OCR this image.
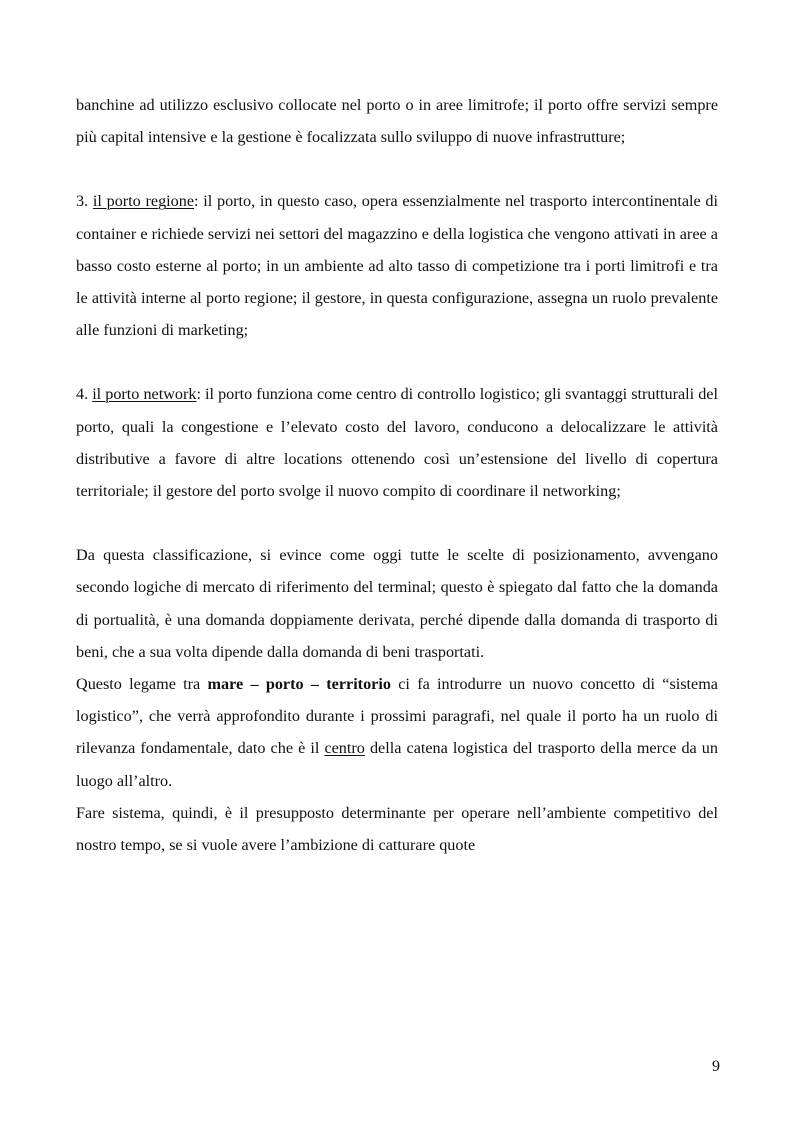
banchine ad utilizzo esclusivo collocate nel porto o in aree limitrofe; il porto offre servizi sempre più capital intensive e la gestione è focalizzata sullo sviluppo di nuove infrastrutture;

3. il porto regione: il porto, in questo caso, opera essenzialmente nel trasporto intercontinentale di container e richiede servizi nei settori del magazzino e della logistica che vengono attivati in aree a basso costo esterne al porto; in un ambiente ad alto tasso di competizione tra i porti limitrofi e tra le attività interne al porto regione; il gestore, in questa configurazione, assegna un ruolo prevalente alle funzioni di marketing;

4. il porto network: il porto funziona come centro di controllo logistico; gli svantaggi strutturali del porto, quali la congestione e l’elevato costo del lavoro, conducono a delocalizzare le attività distributive a favore di altre locations ottenendo così un’estensione del livello di copertura territoriale; il gestore del porto svolge il nuovo compito di coordinare il networking;

Da questa classificazione, si evince come oggi tutte le scelte di posizionamento, avvengano secondo logiche di mercato di riferimento del terminal; questo è spiegato dal fatto che la domanda di portualità, è una domanda doppiamente derivata, perché dipende dalla domanda di trasporto di beni, che a sua volta dipende dalla domanda di beni trasportati.

Questo legame tra mare – porto – territorio ci fa introdurre un nuovo concetto di “sistema logistico”, che verrà approfondito durante i prossimi paragrafi, nel quale il porto ha un ruolo di rilevanza fondamentale, dato che è il centro della catena logistica del trasporto della merce da un luogo all’altro.

Fare sistema, quindi, è il presupposto determinante per operare nell’ambiente competitivo del nostro tempo, se si vuole avere l’ambizione di catturare quote

9
